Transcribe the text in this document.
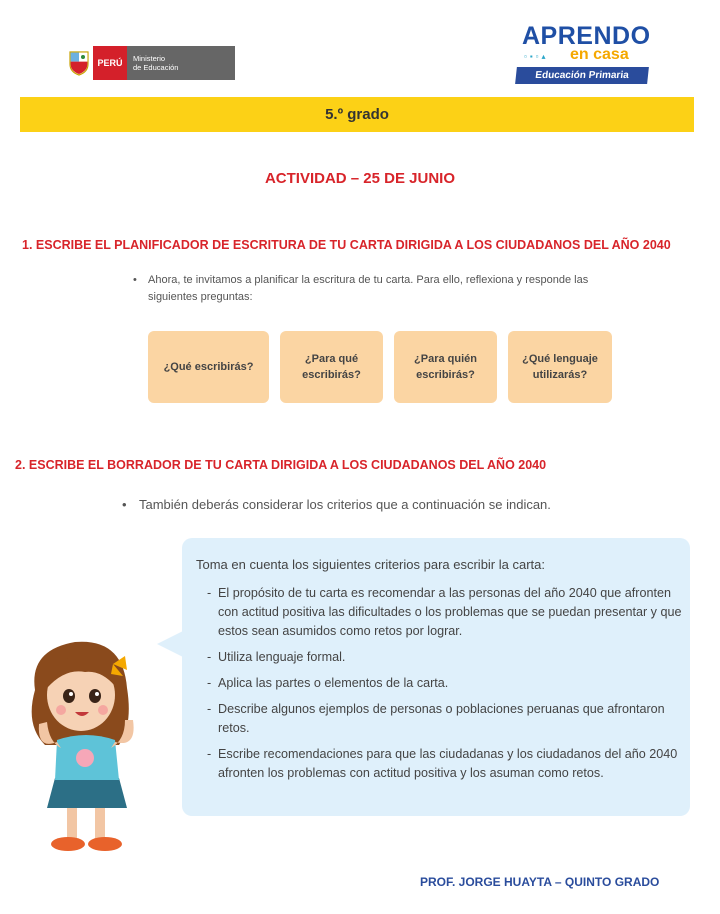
PERÚ	Ministerio
de Educación
APRENDO
▫▪▫▴ en casa
Educación Primaria
5.º grado
ACTIVIDAD – 25 DE JUNIO
1. ESCRIBE EL PLANIFICADOR DE ESCRITURA DE TU CARTA DIRIGIDA A LOS CIUDADANOS DEL AÑO 2040
•	Ahora, te invitamos a planificar la escritura de tu carta. Para ello, reflexiona y responde las siguientes preguntas:
¿Qué escribirás?
¿Para qué escribirás?
¿Para quién escribirás?
¿Qué lenguaje utilizarás?
2. ESCRIBE EL BORRADOR DE TU CARTA DIRIGIDA A LOS CIUDADANOS DEL AÑO 2040
• También deberás considerar los criterios que a continuación se indican.
Toma en cuenta los siguientes criterios para escribir la carta:
- El propósito de tu carta es recomendar a las personas del año 2040 que afronten con actitud positiva las dificultades o los problemas que se puedan presentar y que estos sean asumidos como retos por lograr.
- Utiliza lenguaje formal.
- Aplica las partes o elementos de la carta.
- Describe algunos ejemplos de personas o poblaciones peruanas que afrontaron retos.
- Escribe recomendaciones para que las ciudadanas y los ciudadanos del año 2040 afronten los problemas con actitud positiva y los asuman como retos.
PROF. JORGE HUAYTA – QUINTO GRADO
